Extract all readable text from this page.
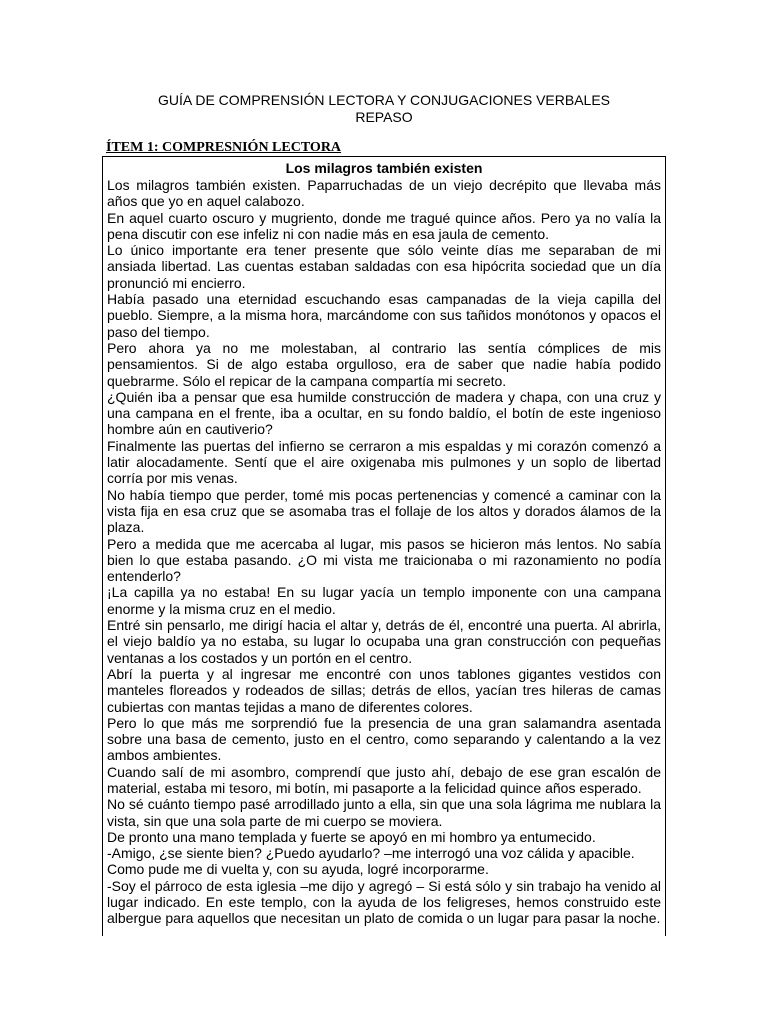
GUÍA DE COMPRENSIÓN LECTORA Y CONJUGACIONES VERBALES
REPASO
ÍTEM 1: COMPRESNIÓN LECTORA
Los milagros también existen

Los milagros también existen. Paparruchadas de un viejo decrépito que llevaba más años que yo en aquel calabozo.

En aquel cuarto oscuro y mugriento, donde me tragué quince años. Pero ya no valía la pena discutir con ese infeliz ni con nadie más en esa jaula de cemento.

Lo único importante era tener presente que sólo veinte días me separaban de mi ansiada libertad. Las cuentas estaban saldadas con esa hipócrita sociedad que un día pronunció mi encierro.

Había pasado una eternidad escuchando esas campanadas de la vieja capilla del pueblo. Siempre, a la misma hora, marcándome con sus tañidos monótonos y opacos el paso del tiempo.

Pero ahora ya no me molestaban, al contrario las sentía cómplices de mis pensamientos. Si de algo estaba orgulloso, era de saber que nadie había podido quebrarme. Sólo el repicar de la campana compartía mi secreto.

¿Quién iba a pensar que esa humilde construcción de madera y chapa, con una cruz y una campana en el frente, iba a ocultar, en su fondo baldío, el botín de este ingenioso hombre aún en cautiverio?

Finalmente las puertas del infierno se cerraron a mis espaldas y mi corazón comenzó a latir alocadamente. Sentí que el aire oxigenaba mis pulmones y un soplo de libertad corría por mis venas.

No había tiempo que perder, tomé mis pocas pertenencias y comencé a caminar con la vista fija en esa cruz que se asomaba tras el follaje de los altos y dorados álamos de la plaza.

Pero a medida que me acercaba al lugar, mis pasos se hicieron más lentos. No sabía bien lo que estaba pasando. ¿O mi vista me traicionaba o mi razonamiento no podía entenderlo?

¡La capilla ya no estaba! En su lugar yacía un templo imponente con una campana enorme y la misma cruz en el medio.

Entré sin pensarlo, me dirigí hacia el altar y, detrás de él, encontré una puerta. Al abrirla, el viejo baldío ya no estaba, su lugar lo ocupaba una gran construcción con pequeñas ventanas a los costados y un portón en el centro.

Abrí la puerta y al ingresar me encontré con unos tablones gigantes vestidos con manteles floreados y rodeados de sillas; detrás de ellos, yacían tres hileras de camas cubiertas con mantas tejidas a mano de diferentes colores.

Pero lo que más me sorprendió fue la presencia de una gran salamandra asentada sobre una basa de cemento, justo en el centro, como separando y calentando a la vez ambos ambientes.

Cuando salí de mi asombro, comprendí que justo ahí, debajo de ese gran escalón de material, estaba mi tesoro, mi botín, mi pasaporte a la felicidad quince años esperado.

No sé cuánto tiempo pasé arrodillado junto a ella, sin que una sola lágrima me nublara la vista, sin que una sola parte de mi cuerpo se moviera.

De pronto una mano templada y fuerte se apoyó en mi hombro ya entumecido.

-Amigo, ¿se siente bien? ¿Puedo ayudarlo? –me interrogó una voz cálida y apacible.

Como pude me di vuelta y, con su ayuda, logré incorporarme.

-Soy el párroco de esta iglesia –me dijo y agregó – Si está sólo y sin trabajo ha venido al lugar indicado. En este templo, con la ayuda de los feligreses, hemos construido este albergue para aquellos que necesitan un plato de comida o un lugar para pasar la noche.
